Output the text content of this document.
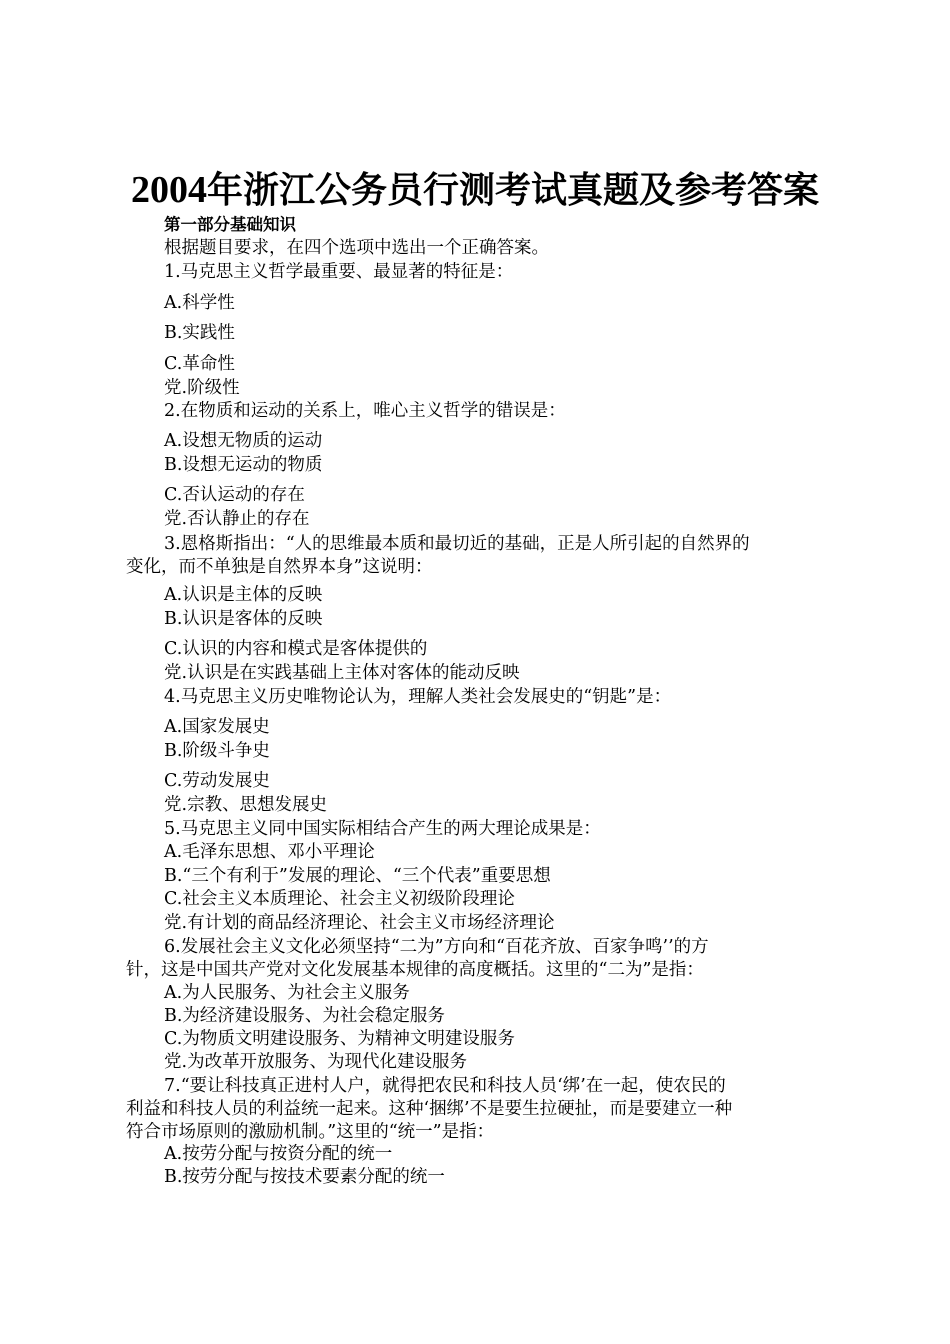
2004年浙江公务员行测考试真题及参考答案
第一部分基础知识
根据题目要求，在四个选项中选出一个正确答案。
1.马克思主义哲学最重要、最显著的特征是：
A.科学性
B.实践性
C.革命性
党.阶级性
2.在物质和运动的关系上，唯心主义哲学的错误是：
A.设想无物质的运动
B.设想无运动的物质
C.否认运动的存在
党.否认静止的存在
3.恩格斯指出：“人的思维最本质和最切近的基础，正是人所引起的自然界的
变化，而不单独是自然界本身”这说明：
A.认识是主体的反映
B.认识是客体的反映
C.认识的内容和模式是客体提供的
党.认识是在实践基础上主体对客体的能动反映
4.马克思主义历史唯物论认为，理解人类社会发展史的“钥匙”是：
A.国家发展史
B.阶级斗争史
C.劳动发展史
党.宗教、思想发展史
5.马克思主义同中国实际相结合产生的两大理论成果是：
A.毛泽东思想、邓小平理论
B.“三个有利于”发展的理论、“三个代表”重要思想
C.社会主义本质理论、社会主义初级阶段理论
党.有计划的商品经济理论、社会主义市场经济理论
6.发展社会主义文化必须坚持“二为”方向和“百花齐放、百家争鸣’’的方
针，这是中国共产党对文化发展基本规律的高度概括。这里的“二为”是指：
A.为人民服务、为社会主义服务
B.为经济建设服务、为社会稳定服务
C.为物质文明建设服务、为精神文明建设服务
党.为改革开放服务、为现代化建设服务
7.“要让科技真正进村人户，就得把农民和科技人员‘绑’在一起，使农民的
利益和科技人员的利益统一起来。这种‘捆绑’不是要生拉硬扯，而是要建立一种
符合市场原则的激励机制。”这里的“统一”是指：
A.按劳分配与按资分配的统一
B.按劳分配与按技术要素分配的统一
